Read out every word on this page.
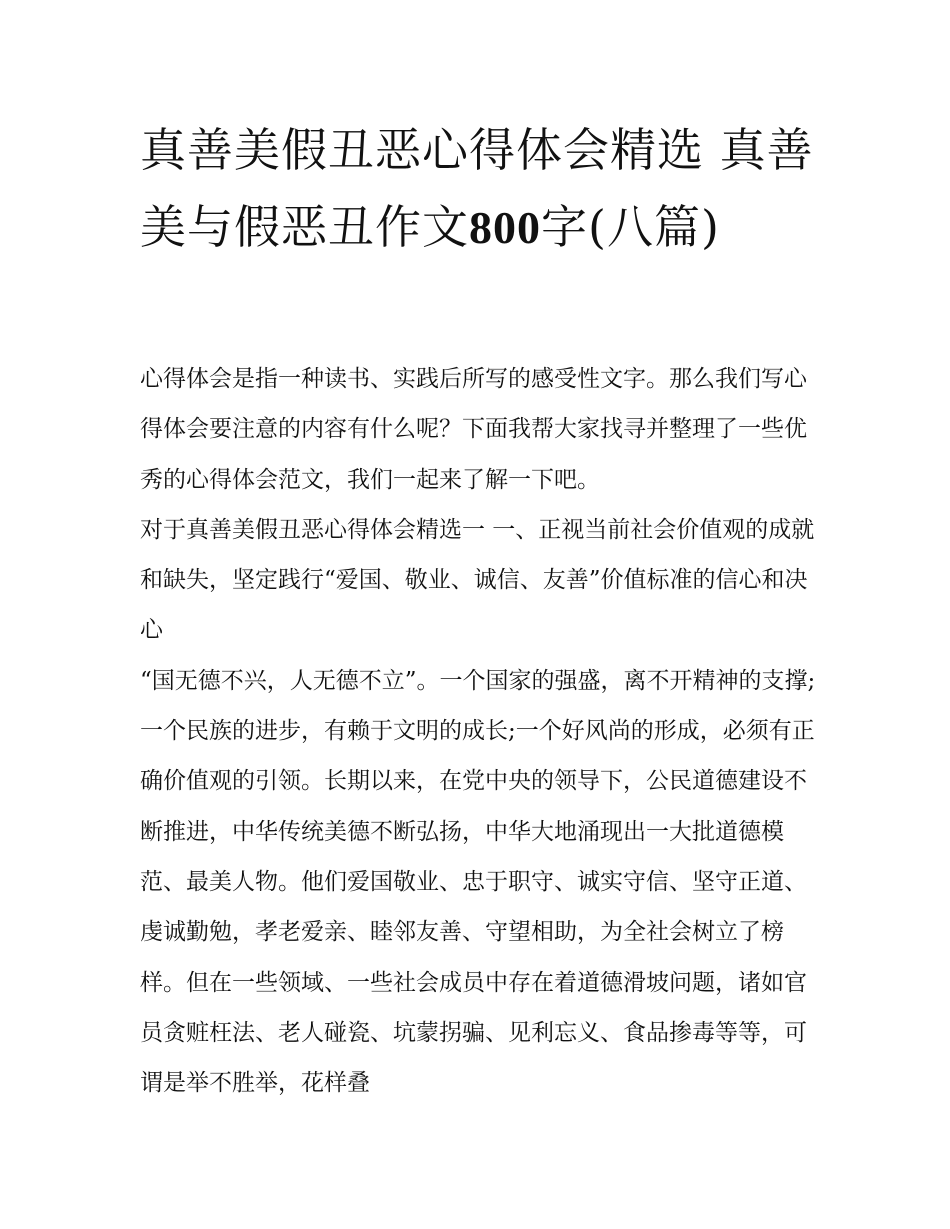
真善美假丑恶心得体会精选 真善美与假恶丑作文800字(八篇)

心得体会是指一种读书、实践后所写的感受性文字。那么我们写心得体会要注意的内容有什么呢？下面我帮大家找寻并整理了一些优秀的心得体会范文，我们一起来了解一下吧。

对于真善美假丑恶心得体会精选一 一、正视当前社会价值观的成就和缺失，坚定践行“爱国、敬业、诚信、友善”价值标准的信心和决心

“国无德不兴，人无德不立”。一个国家的强盛，离不开精神的支撑;一个民族的进步，有赖于文明的成长;一个好风尚的形成，必须有正确价值观的引领。长期以来，在党中央的领导下，公民道德建设不断推进，中华传统美德不断弘扬，中华大地涌现出一大批道德模范、最美人物。他们爱国敬业、忠于职守、诚实守信、坚守正道、虔诚勤勉，孝老爱亲、睦邻友善、守望相助，为全社会树立了榜样。但在一些领域、一些社会成员中存在着道德滑坡问题，诸如官员贪赃枉法、老人碰瓷、坑蒙拐骗、见利忘义、食品掺毒等等，可谓是举不胜举，花样叠
